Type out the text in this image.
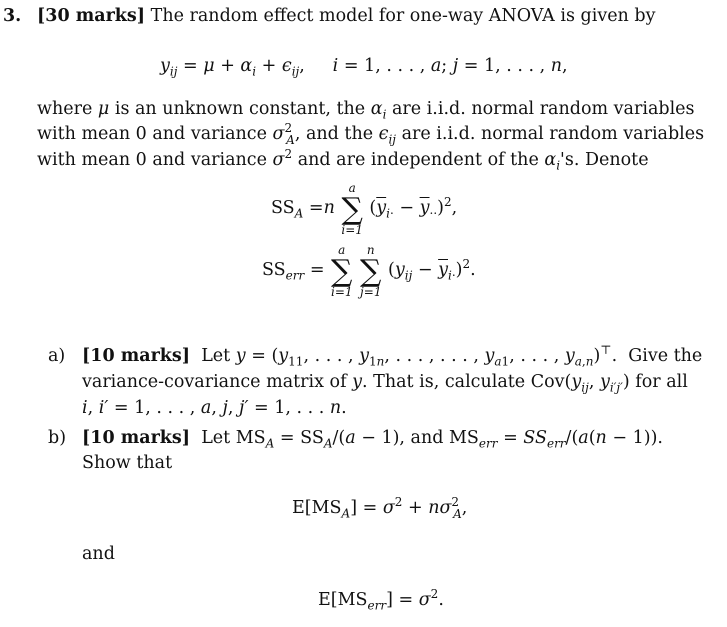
3. [30 marks] The random effect model for one-way ANOVA is given by
$y_{ij} = \mu + \alpha_i + \epsilon_{ij}$,     i = 1, . . . , a; j = 1, . . . , n,
where μ is an unknown constant, the $\alpha_i$ are i.i.d. normal random variables
with mean 0 and variance $\sigma^2_A$, and the $\epsilon_{ij}$ are i.i.d. normal random variables
with mean 0 and variance $\sigma^2$ and are independent of the $\alpha_i's$. Denote
$SS_A =n$ ∑
a
i=1
$(\overline{y}_{i\cdot} - \overline{y}_{\cdot\cdot})^2$,
$SS_{err}$ = ∑
a
i=1
∑
n
j=1
$(y_{ij} - \overline{y}_{i\cdot})^2$.
a) [10 marks]  Let $y = (y_{11}$, . . . , $y_{1n}$, . . . , . . . , $y_{a1}$, . . . , $y_{a,n})^⊤$.  Give the
variance-covariance matrix of y. That is, calculate $Cov(y_{ij}$, $y_{i'j'}$) for all
i, i′ = 1, . . . , a, j, j′ = 1, . . . n.
b) [10 marks]  Let $MS_A = SS_A/(a - 1)$, and $MS_{err} = SS_{err}/(a(n - 1))$.
Show that
$E[MS_A] = \sigma^2 + n\sigma^2_A$,
and
$E[MS_{err}] = \sigma^2$.
